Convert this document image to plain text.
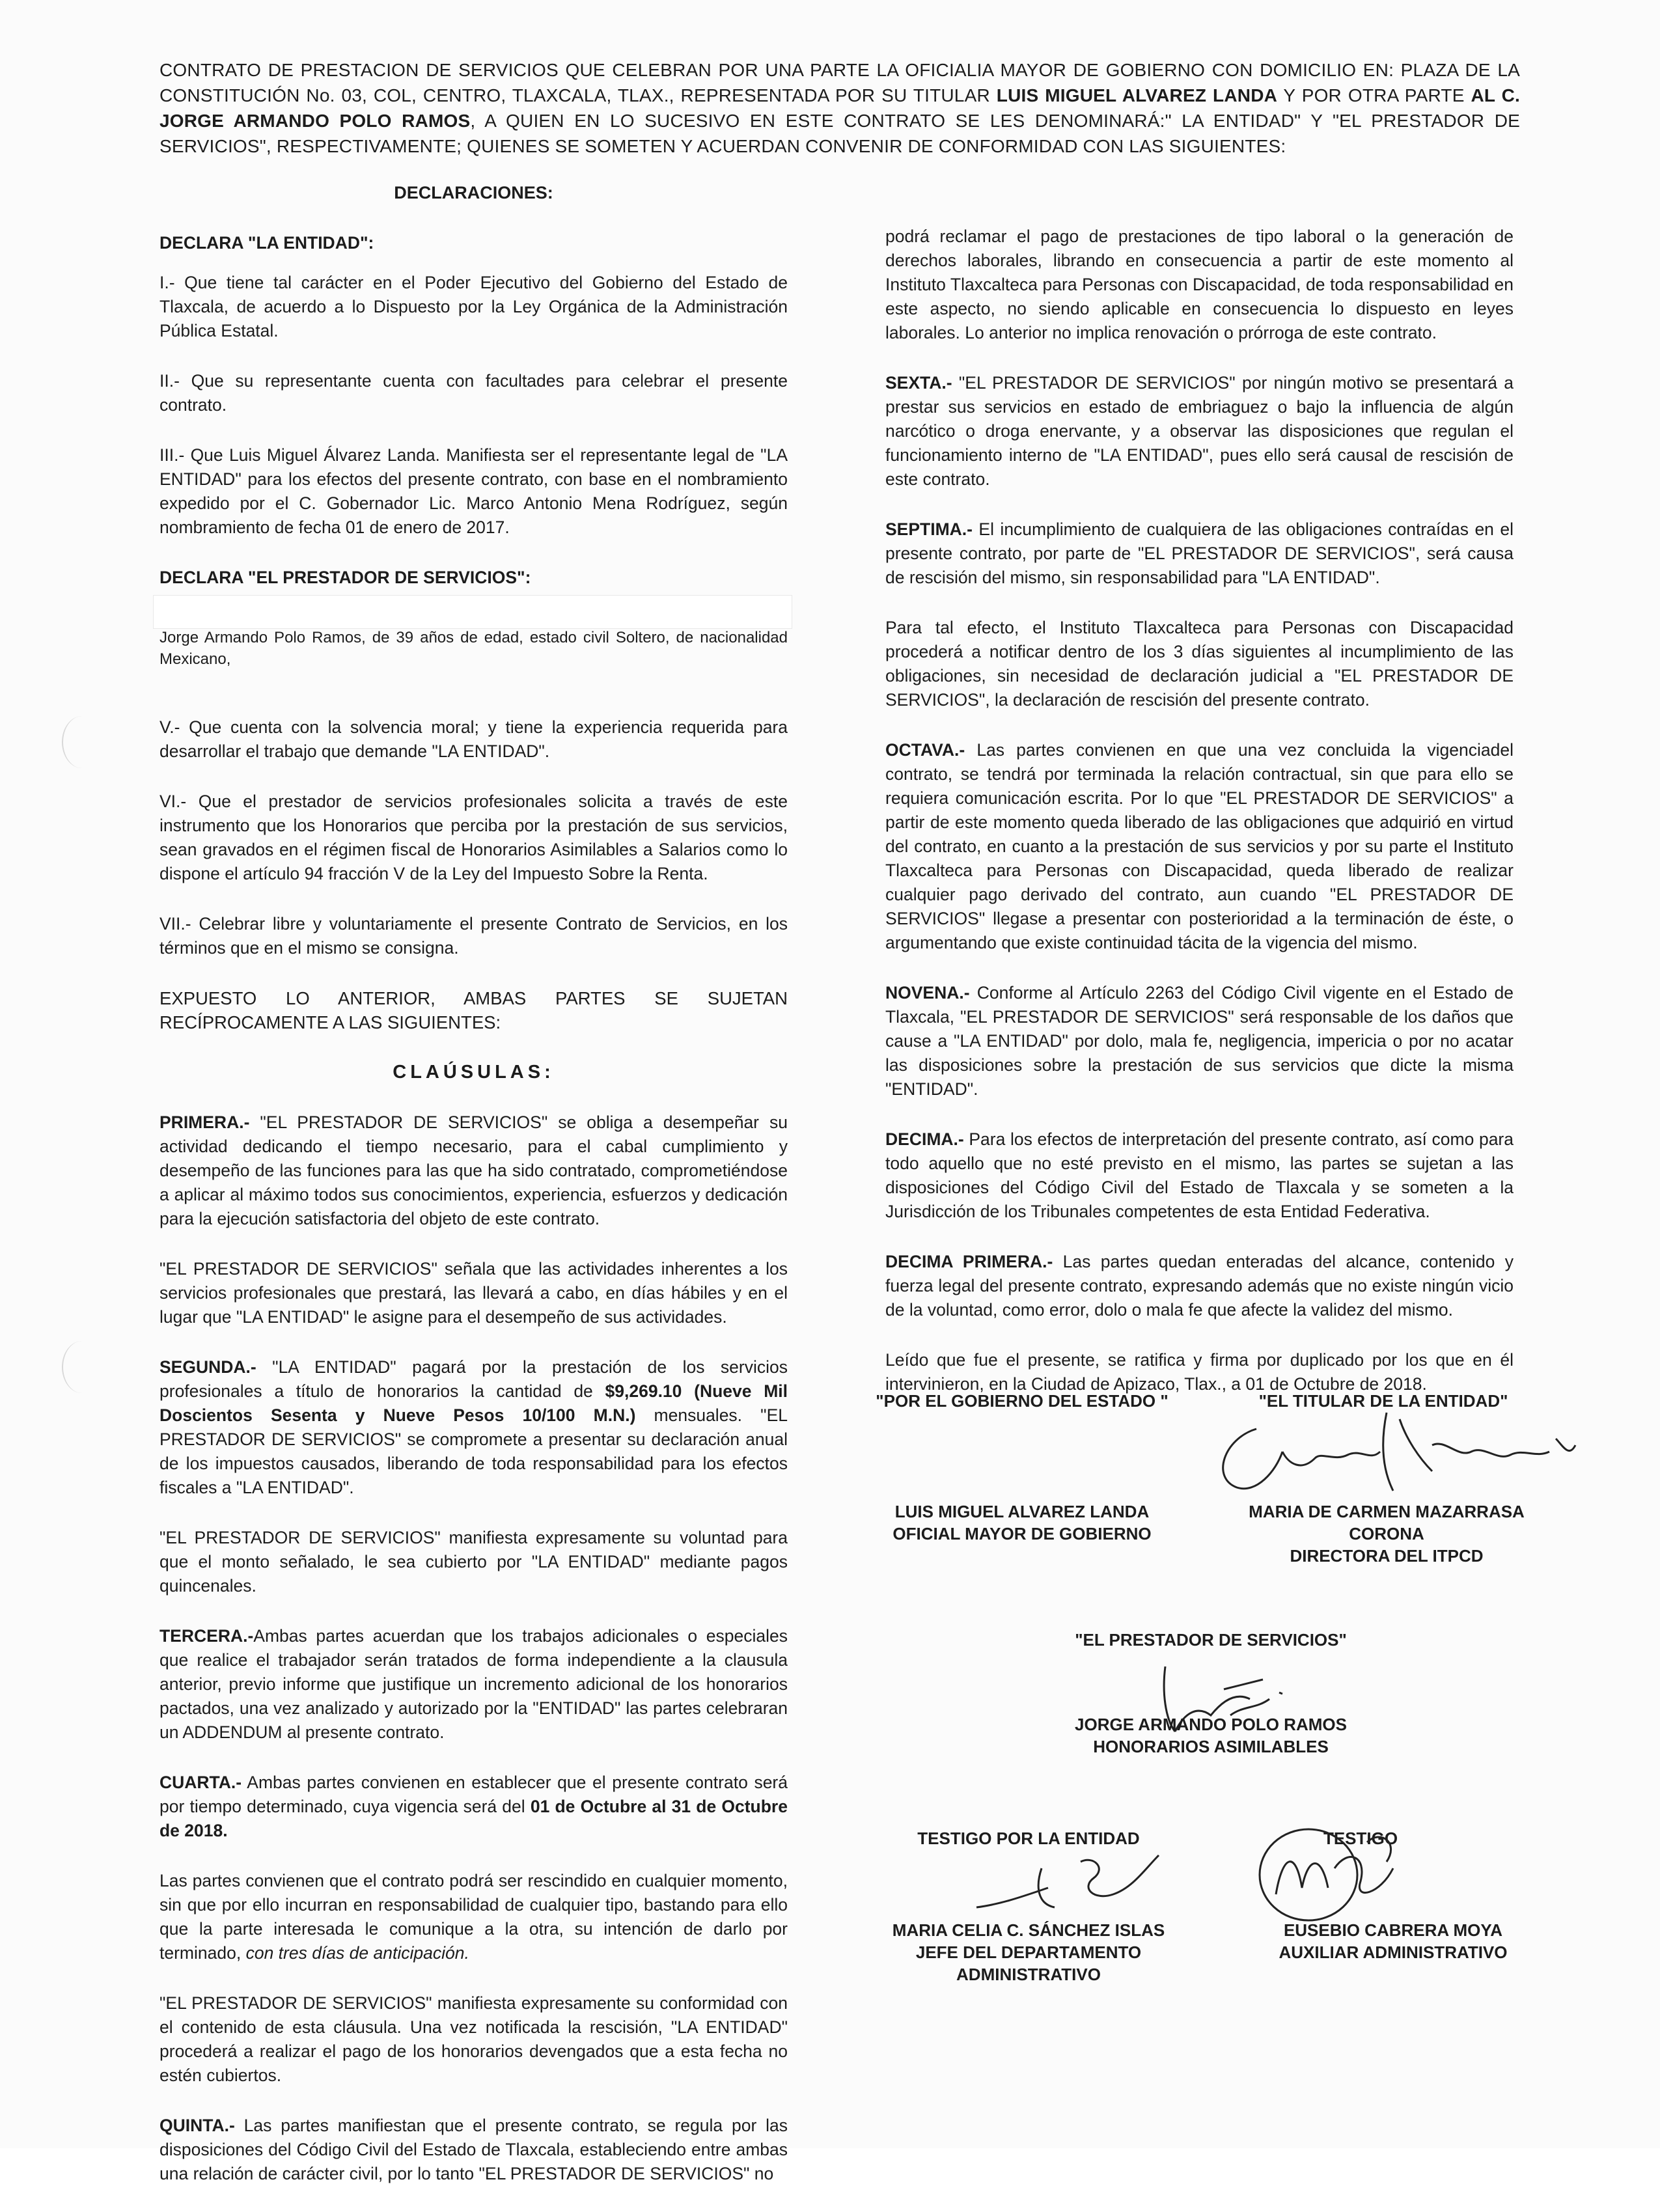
CONTRATO DE PRESTACION DE SERVICIOS QUE CELEBRAN POR UNA PARTE LA OFICIALIA MAYOR DE GOBIERNO CON DOMICILIO EN: PLAZA DE LA CONSTITUCIÓN No. 03, COL, CENTRO, TLAXCALA, TLAX., REPRESENTADA POR SU TITULAR LUIS MIGUEL ALVAREZ LANDA Y POR OTRA PARTE AL C. JORGE ARMANDO POLO RAMOS, A QUIEN EN LO SUCESIVO EN ESTE CONTRATO SE LES DENOMINARÁ:" LA ENTIDAD" Y "EL PRESTADOR DE SERVICIOS", RESPECTIVAMENTE; QUIENES SE SOMETEN Y ACUERDAN CONVENIR DE CONFORMIDAD CON LAS SIGUIENTES:

DECLARACIONES:

DECLARA "LA ENTIDAD":

I.- Que tiene tal carácter en el Poder Ejecutivo del Gobierno del Estado de Tlaxcala, de acuerdo a lo Dispuesto por la Ley Orgánica de la Administración Pública Estatal.

II.- Que su representante cuenta con facultades para celebrar el presente contrato.

III.- Que Luis Miguel Álvarez Landa. Manifiesta ser el representante legal de "LA ENTIDAD" para los efectos del presente contrato, con base en el nombramiento expedido por el C. Gobernador Lic. Marco Antonio Mena Rodríguez, según nombramiento de fecha 01 de enero de 2017.

DECLARA "EL PRESTADOR DE SERVICIOS":

Jorge Armando Polo Ramos, de 39 años de edad, estado civil Soltero, de nacionalidad Mexicano,

V.- Que cuenta con la solvencia moral; y tiene la experiencia requerida para desarrollar el trabajo que demande "LA ENTIDAD".

VI.- Que el prestador de servicios profesionales solicita a través de este instrumento que los Honorarios que perciba por la prestación de sus servicios, sean gravados en el régimen fiscal de Honorarios Asimilables a Salarios como lo dispone el artículo 94 fracción V de la Ley del Impuesto Sobre la Renta.

VII.- Celebrar libre y voluntariamente el presente Contrato de Servicios, en los términos que en el mismo se consigna.

EXPUESTO LO ANTERIOR, AMBAS PARTES SE SUJETAN RECÍPROCAMENTE A LAS SIGUIENTES:

CLAÚSULAS:

PRIMERA.- "EL PRESTADOR DE SERVICIOS" se obliga a desempeñar su actividad dedicando el tiempo necesario, para el cabal cumplimiento y desempeño de las funciones para las que ha sido contratado, comprometiéndose a aplicar al máximo todos sus conocimientos, experiencia, esfuerzos y dedicación para la ejecución satisfactoria del objeto de este contrato.

"EL PRESTADOR DE SERVICIOS" señala que las actividades inherentes a los servicios profesionales que prestará, las llevará a cabo, en días hábiles y en el lugar que "LA ENTIDAD" le asigne para el desempeño de sus actividades.

SEGUNDA.- "LA ENTIDAD" pagará por la prestación de los servicios profesionales a título de honorarios la cantidad de $9,269.10 (Nueve Mil Doscientos Sesenta y Nueve Pesos 10/100 M.N.) mensuales. "EL PRESTADOR DE SERVICIOS" se compromete a presentar su declaración anual de los impuestos causados, liberando de toda responsabilidad para los efectos fiscales a "LA ENTIDAD".

"EL PRESTADOR DE SERVICIOS" manifiesta expresamente su voluntad para que el monto señalado, le sea cubierto por "LA ENTIDAD" mediante pagos quincenales.

TERCERA.-Ambas partes acuerdan que los trabajos adicionales o especiales que realice el trabajador serán tratados de forma independiente a la clausula anterior, previo informe que justifique un incremento adicional de los honorarios pactados, una vez analizado y autorizado por la "ENTIDAD" las partes celebraran un ADDENDUM al presente contrato.

CUARTA.- Ambas partes convienen en establecer que el presente contrato será por tiempo determinado, cuya vigencia será del 01 de Octubre al 31 de Octubre de 2018.

Las partes convienen que el contrato podrá ser rescindido en cualquier momento, sin que por ello incurran en responsabilidad de cualquier tipo, bastando para ello que la parte interesada le comunique a la otra, su intención de darlo por terminado, con tres días de anticipación.

"EL PRESTADOR DE SERVICIOS" manifiesta expresamente su conformidad con el contenido de esta cláusula. Una vez notificada la rescisión, "LA ENTIDAD" procederá a realizar el pago de los honorarios devengados que a esta fecha no estén cubiertos.

QUINTA.- Las partes manifiestan que el presente contrato, se regula por las disposiciones del Código Civil del Estado de Tlaxcala, estableciendo entre ambas una relación de carácter civil, por lo tanto "EL PRESTADOR DE SERVICIOS" no

podrá reclamar el pago de prestaciones de tipo laboral o la generación de derechos laborales, librando en consecuencia a partir de este momento al Instituto Tlaxcalteca para Personas con Discapacidad, de toda responsabilidad en este aspecto, no siendo aplicable en consecuencia lo dispuesto en leyes laborales. Lo anterior no implica renovación o prórroga de este contrato.

SEXTA.- "EL PRESTADOR DE SERVICIOS" por ningún motivo se presentará a prestar sus servicios en estado de embriaguez o bajo la influencia de algún narcótico o droga enervante, y a observar las disposiciones que regulan el funcionamiento interno de "LA ENTIDAD", pues ello será causal de rescisión de este contrato.

SEPTIMA.- El incumplimiento de cualquiera de las obligaciones contraídas en el presente contrato, por parte de "EL PRESTADOR DE SERVICIOS", será causa de rescisión del mismo, sin responsabilidad para "LA ENTIDAD".

Para tal efecto, el Instituto Tlaxcalteca para Personas con Discapacidad procederá a notificar dentro de los 3 días siguientes al incumplimiento de las obligaciones, sin necesidad de declaración judicial a "EL PRESTADOR DE SERVICIOS", la declaración de rescisión del presente contrato.

OCTAVA.- Las partes convienen en que una vez concluida la vigenciadel contrato, se tendrá por terminada la relación contractual, sin que para ello se requiera comunicación escrita. Por lo que "EL PRESTADOR DE SERVICIOS" a partir de este momento queda liberado de las obligaciones que adquirió en virtud del contrato, en cuanto a la prestación de sus servicios y por su parte el Instituto Tlaxcalteca para Personas con Discapacidad, queda liberado de realizar cualquier pago derivado del contrato, aun cuando "EL PRESTADOR DE SERVICIOS" llegase a presentar con posterioridad a la terminación de éste, o argumentando que existe continuidad tácita de la vigencia del mismo.

NOVENA.- Conforme al Artículo 2263 del Código Civil vigente en el Estado de Tlaxcala, "EL PRESTADOR DE SERVICIOS" será responsable de los daños que cause a "LA ENTIDAD" por dolo, mala fe, negligencia, impericia o por no acatar las disposiciones sobre la prestación de sus servicios que dicte la misma "ENTIDAD".

DECIMA.- Para los efectos de interpretación del presente contrato, así como para todo aquello que no esté previsto en el mismo, las partes se sujetan a las disposiciones del Código Civil del Estado de Tlaxcala y se someten a la Jurisdicción de los Tribunales competentes de esta Entidad Federativa.

DECIMA PRIMERA.- Las partes quedan enteradas del alcance, contenido y fuerza legal del presente contrato, expresando además que no existe ningún vicio de la voluntad, como error, dolo o mala fe que afecte la validez del mismo.

Leído que fue el presente, se ratifica y firma por duplicado por los que en él intervinieron, en la Ciudad de Apizaco, Tlax., a 01 de Octubre de 2018.

"POR EL GOBIERNO DEL ESTADO "	"EL TITULAR DE LA ENTIDAD"
LUIS MIGUEL ALVAREZ LANDA
OFICIAL MAYOR DE GOBIERNO
MARIA DE CARMEN MAZARRASA
CORONA
DIRECTORA DEL ITPCD
"EL PRESTADOR DE SERVICIOS"
JORGE ARMANDO POLO RAMOS
HONORARIOS ASIMILABLES
TESTIGO POR LA ENTIDAD
MARIA CELIA C. SÁNCHEZ ISLAS
JEFE DEL DEPARTAMENTO
ADMINISTRATIVO
TESTIGO
EUSEBIO CABRERA MOYA
AUXILIAR ADMINISTRATIVO
